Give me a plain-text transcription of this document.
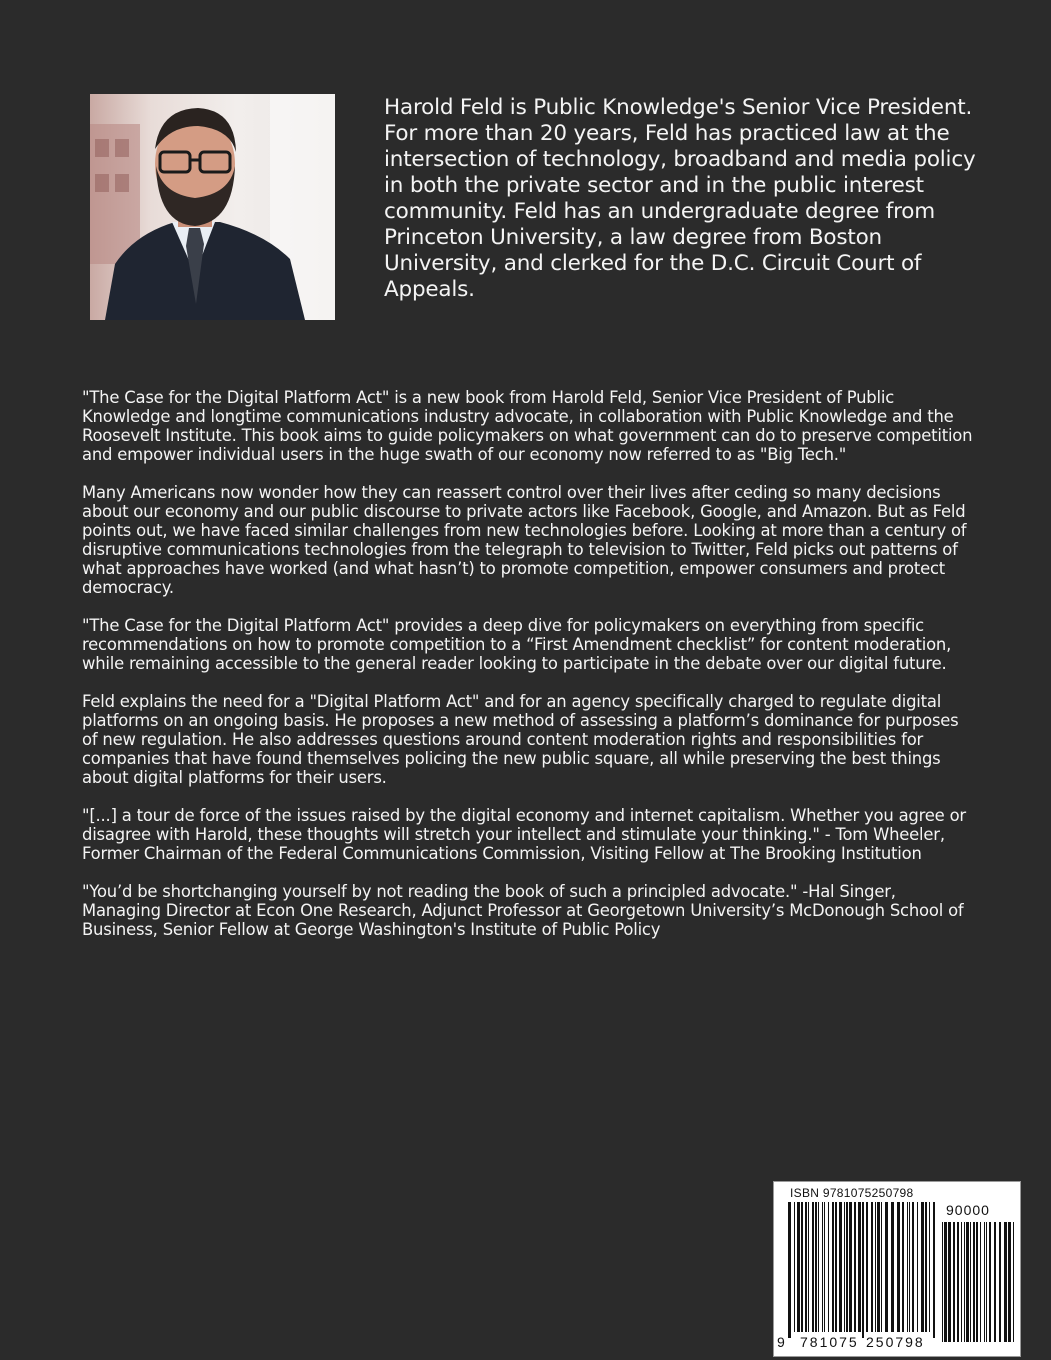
Harold Feld is Public Knowledge's Senior Vice President. For more than 20 years, Feld has practiced law at the intersection of technology, broadband and media policy in both the private sector and in the public interest community. Feld has an undergraduate degree from Princeton University, a law degree from Boston University, and clerked for the D.C. Circuit Court of Appeals.

"The Case for the Digital Platform Act" is a new book from Harold Feld, Senior Vice President of Public Knowledge and longtime communications industry advocate, in collaboration with Public Knowledge and the Roosevelt Institute. This book aims to guide policymakers on what government can do to preserve competition and empower individual users in the huge swath of our economy now referred to as "Big Tech."

Many Americans now wonder how they can reassert control over their lives after ceding so many decisions about our economy and our public discourse to private actors like Facebook, Google, and Amazon. But as Feld points out, we have faced similar challenges from new technologies before. Looking at more than a century of disruptive communications technologies from the telegraph to television to Twitter, Feld picks out patterns of what approaches have worked (and what hasn’t) to promote competition, empower consumers and protect democracy.

"The Case for the Digital Platform Act" provides a deep dive for policymakers on everything from specific recommendations on how to promote competition to a “First Amendment checklist” for content moderation, while remaining accessible to the general reader looking to participate in the debate over our digital future.

Feld explains the need for a "Digital Platform Act" and for an agency specifically charged to regulate digital platforms on an ongoing basis. He proposes a new method of assessing a platform’s dominance for purposes of new regulation. He also addresses questions around content moderation rights and responsibilities for companies that have found themselves policing the new public square, all while preserving the best things about digital platforms for their users.

"[...] a tour de force of the issues raised by the digital economy and internet capitalism. Whether you agree or disagree with Harold, these thoughts will stretch your intellect and stimulate your thinking." - Tom Wheeler, Former Chairman of the Federal Communications Commission, Visiting Fellow at The Brooking Institution

"You’d be shortchanging yourself by not reading the book of such a principled advocate." -Hal Singer, Managing Director at Econ One Research, Adjunct Professor at Georgetown University’s McDonough School of Business, Senior Fellow at George Washington's Institute of Public Policy

ISBN 9781075250798
9 781075 250798
90000
